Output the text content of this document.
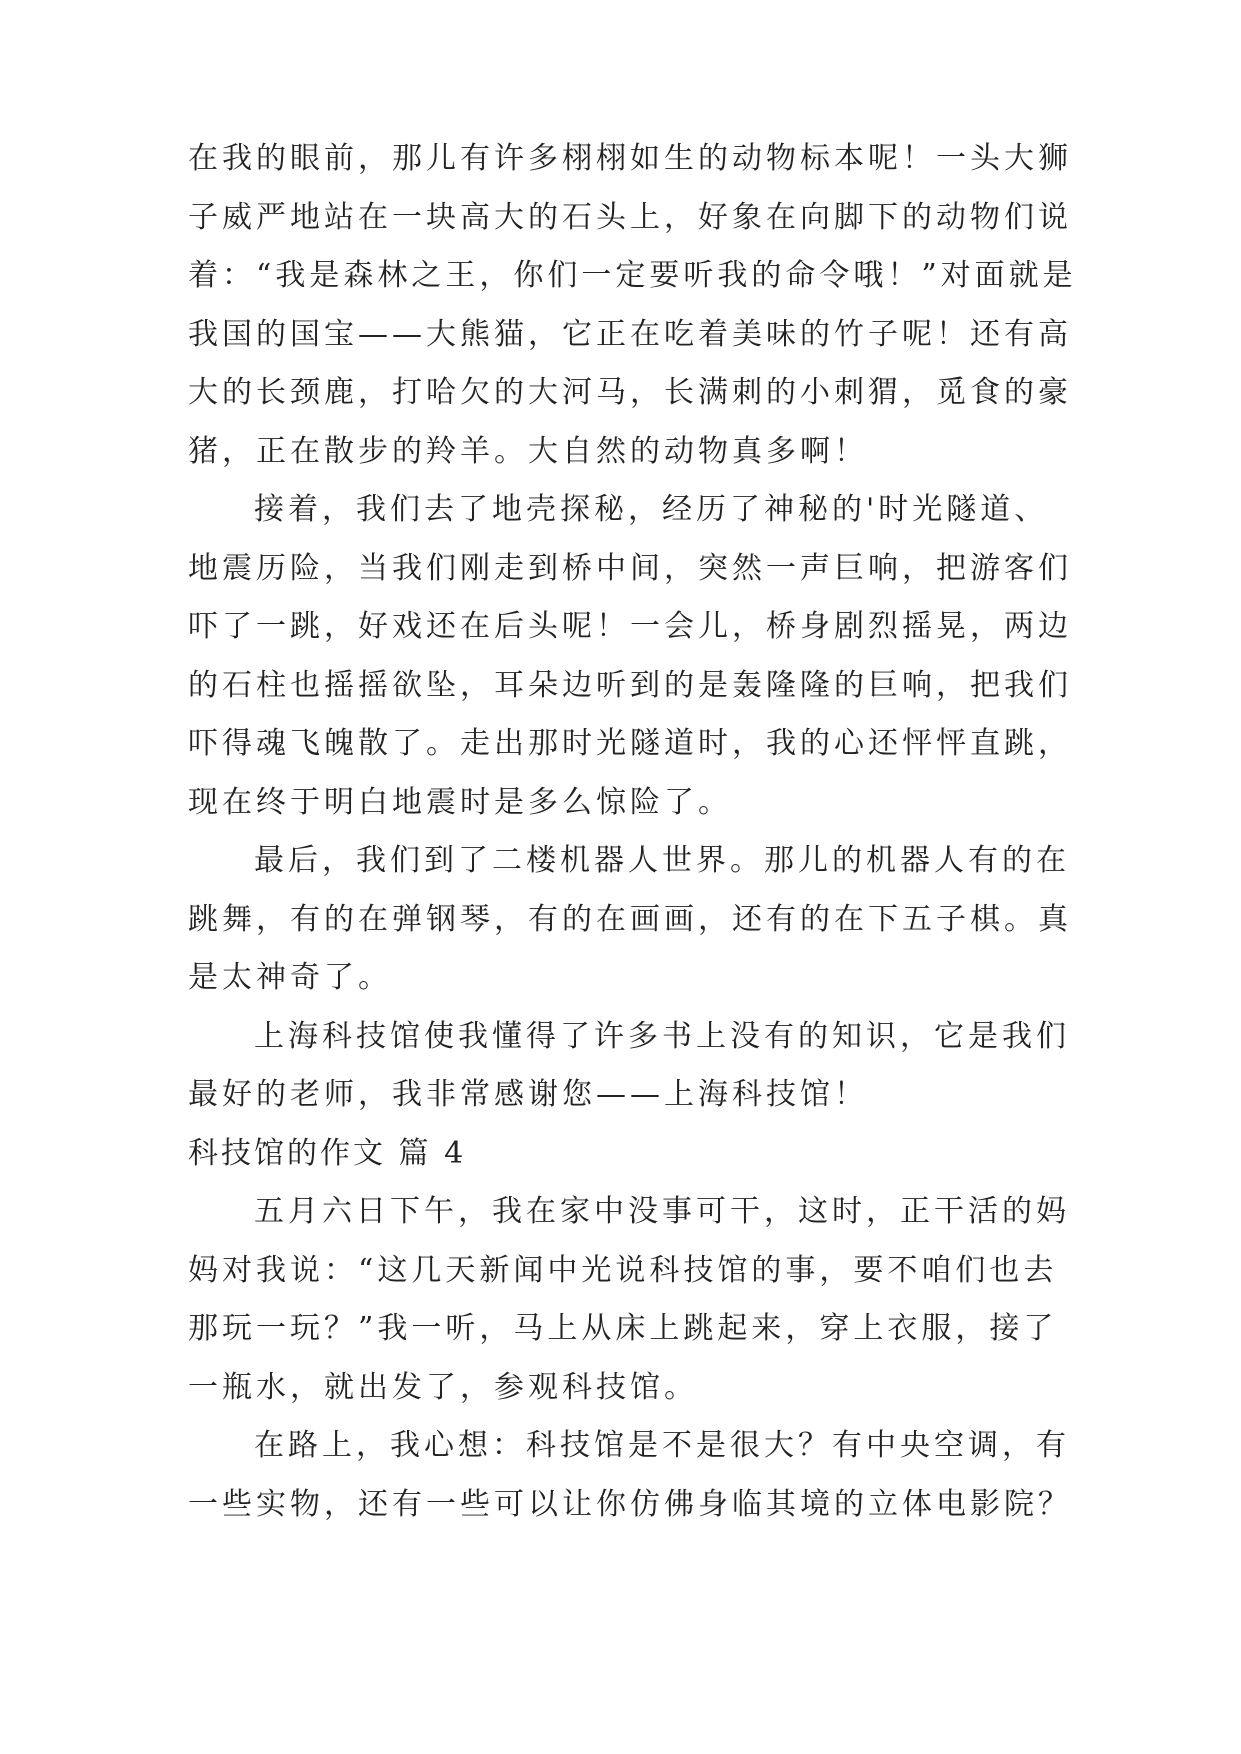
在我的眼前，那儿有许多栩栩如生的动物标本呢！一头大狮
子威严地站在一块高大的石头上，好象在向脚下的动物们说
着：“我是森林之王，你们一定要听我的命令哦！”对面就是
我国的国宝——大熊猫，它正在吃着美味的竹子呢！还有高
大的长颈鹿，打哈欠的大河马，长满刺的小刺猬，觅食的豪
猪，正在散步的羚羊。大自然的动物真多啊！
接着，我们去了地壳探秘，经历了神秘的'时光隧道、
地震历险，当我们刚走到桥中间，突然一声巨响，把游客们
吓了一跳，好戏还在后头呢！一会儿，桥身剧烈摇晃，两边
的石柱也摇摇欲坠，耳朵边听到的是轰隆隆的巨响，把我们
吓得魂飞魄散了。走出那时光隧道时，我的心还怦怦直跳，
现在终于明白地震时是多么惊险了。
最后，我们到了二楼机器人世界。那儿的机器人有的在
跳舞，有的在弹钢琴，有的在画画，还有的在下五子棋。真
是太神奇了。
上海科技馆使我懂得了许多书上没有的知识，它是我们
最好的老师，我非常感谢您——上海科技馆！
科技馆的作文 篇 4
五月六日下午，我在家中没事可干，这时，正干活的妈
妈对我说：“这几天新闻中光说科技馆的事，要不咱们也去
那玩一玩？”我一听，马上从床上跳起来，穿上衣服，接了
一瓶水，就出发了，参观科技馆。
在路上，我心想：科技馆是不是很大？有中央空调，有
一些实物，还有一些可以让你仿佛身临其境的立体电影院？
